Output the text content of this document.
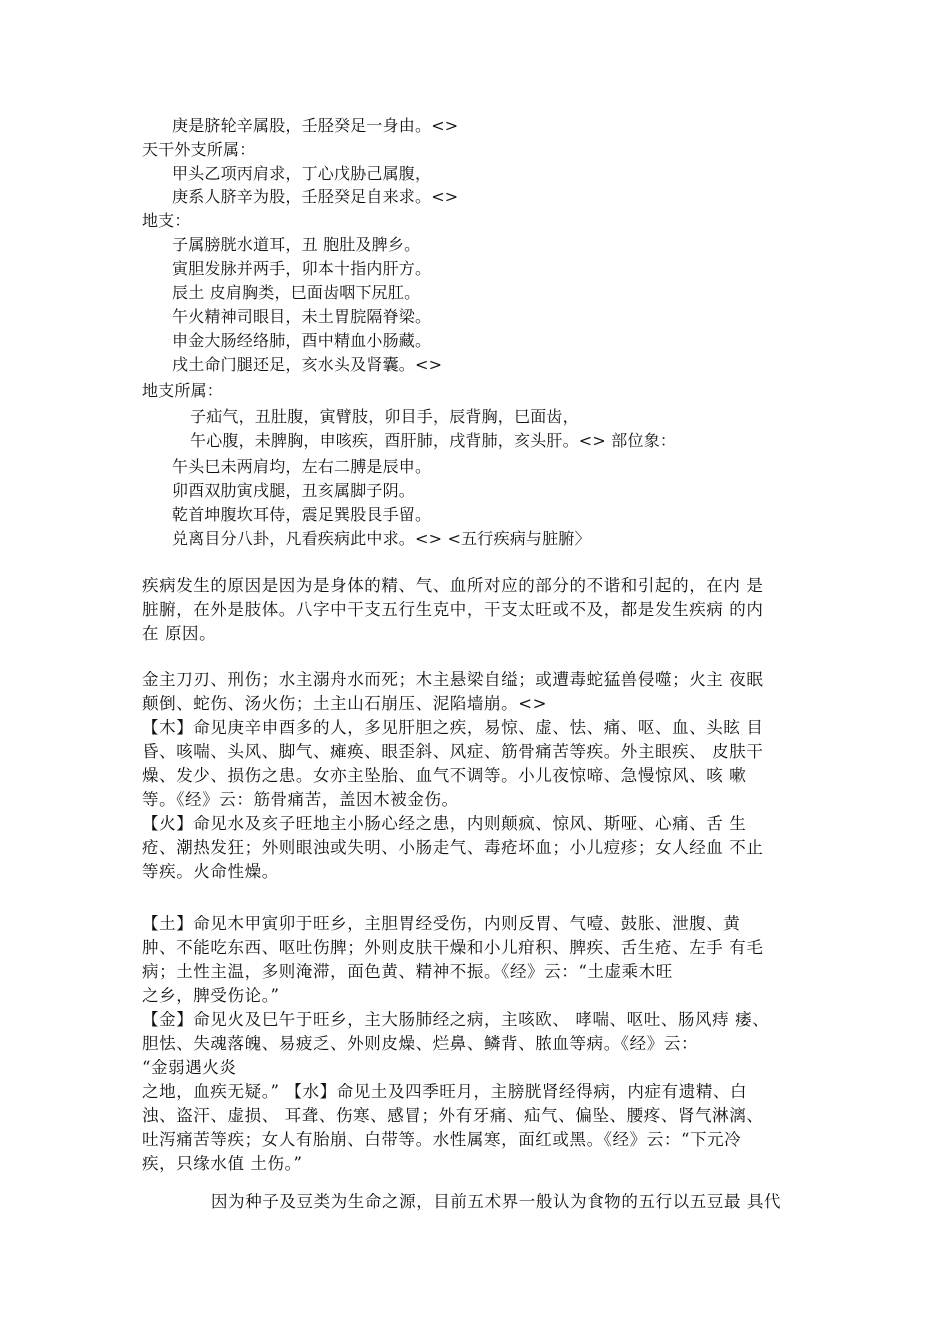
庚是脐轮辛属股，壬胫癸足一身由。<>
天干外支所属：
甲头乙项丙肩求，丁心戊胁己属腹，
庚系人脐辛为股，壬胫癸足自来求。<>
地支：
子属膀胱水道耳，丑 胞肚及脾乡。
寅胆发脉并两手，卯本十指内肝方。
辰土 皮肩胸类，巳面齿咽下尻肛。
午火精神司眼目，未土胃脘隔脊梁。
申金大肠经络肺，酉中精血小肠藏。
戌土命门腿还足，亥水头及肾囊。<>
地支所属：
子疝气，丑肚腹，寅臂肢，卯目手，辰背胸，巳面齿，
午心腹，未脾胸，申咳疾，酉肝肺，戌背肺，亥头肝。<> 部位象：
午头巳未两肩均，左右二膊是辰申。
卯酉双肋寅戌腿，丑亥属脚子阴。
乾首坤腹坎耳侍，震足巽股艮手留。
兑离目分八卦，凡看疾病此中求。<> <五行疾病与脏腑〉
疾病发生的原因是因为是身体的精、气、血所对应的部分的不谐和引起的，在内 是
脏腑，在外是肢体。八字中干支五行生克中，干支太旺或不及，都是发生疾病 的内
在 原因。
金主刀刃、刑伤；水主溺舟水而死；木主悬梁自缢；或遭毒蛇猛兽侵噬；火主 夜眠
颠倒、蛇伤、汤火伤；土主山石崩压、泥陷墙崩。<>
【木】命见庚辛申酉多的人，多见肝胆之疾，易惊、虚、怯、痛、呕、血、头眩 目
昏、咳喘、头风、脚气、瘫痪、眼歪斜、风症、筋骨痛苦等疾。外主眼疾、 皮肤干
燥、发少、损伤之患。女亦主坠胎、血气不调等。小儿夜惊啼、急慢惊风、咳 嗽
等。《经》云：筋骨痛苦，盖因木被金伤。
【火】命见水及亥子旺地主小肠心经之患，内则颠疯、惊风、斯哑、心痛、舌 生
疮、潮热发狂；外则眼浊或失明、小肠走气、毒疮坏血；小儿痘疹；女人经血 不止
等疾。火命性燥。
【土】命见木甲寅卯于旺乡，主胆胃经受伤，内则反胃、气噎、鼓胀、泄腹、黄
肿、不能吃东西、呕吐伤脾；外则皮肤干燥和小儿疳积、脾疾、舌生疮、左手 有毛
病；土性主温，多则淹滞，面色黄、精神不振。《经》云：“土虚乘木旺
之乡，脾受伤论。”
【金】命见火及巳午于旺乡，主大肠肺经之病，主咳欧、 哮喘、呕吐、肠风痔 痿、
胆怯、失魂落魄、易疲乏、外则皮燥、烂鼻、鳞背、脓血等病。《经》云：
“金弱遇火炎
之地，血疾无疑。” 【水】命见土及四季旺月，主膀胱肾经得病，内症有遗精、白
浊、盗汗、虚损、 耳聋、伤寒、感冒；外有牙痛、疝气、偏坠、腰疼、肾气淋漓、
吐泻痛苦等疾；女人有胎崩、白带等。水性属寒，面红或黑。《经》云：“下元冷
疾，只缘水值 土伤。”
因为种子及豆类为生命之源，目前五术界一般认为食物的五行以五豆最 具代
